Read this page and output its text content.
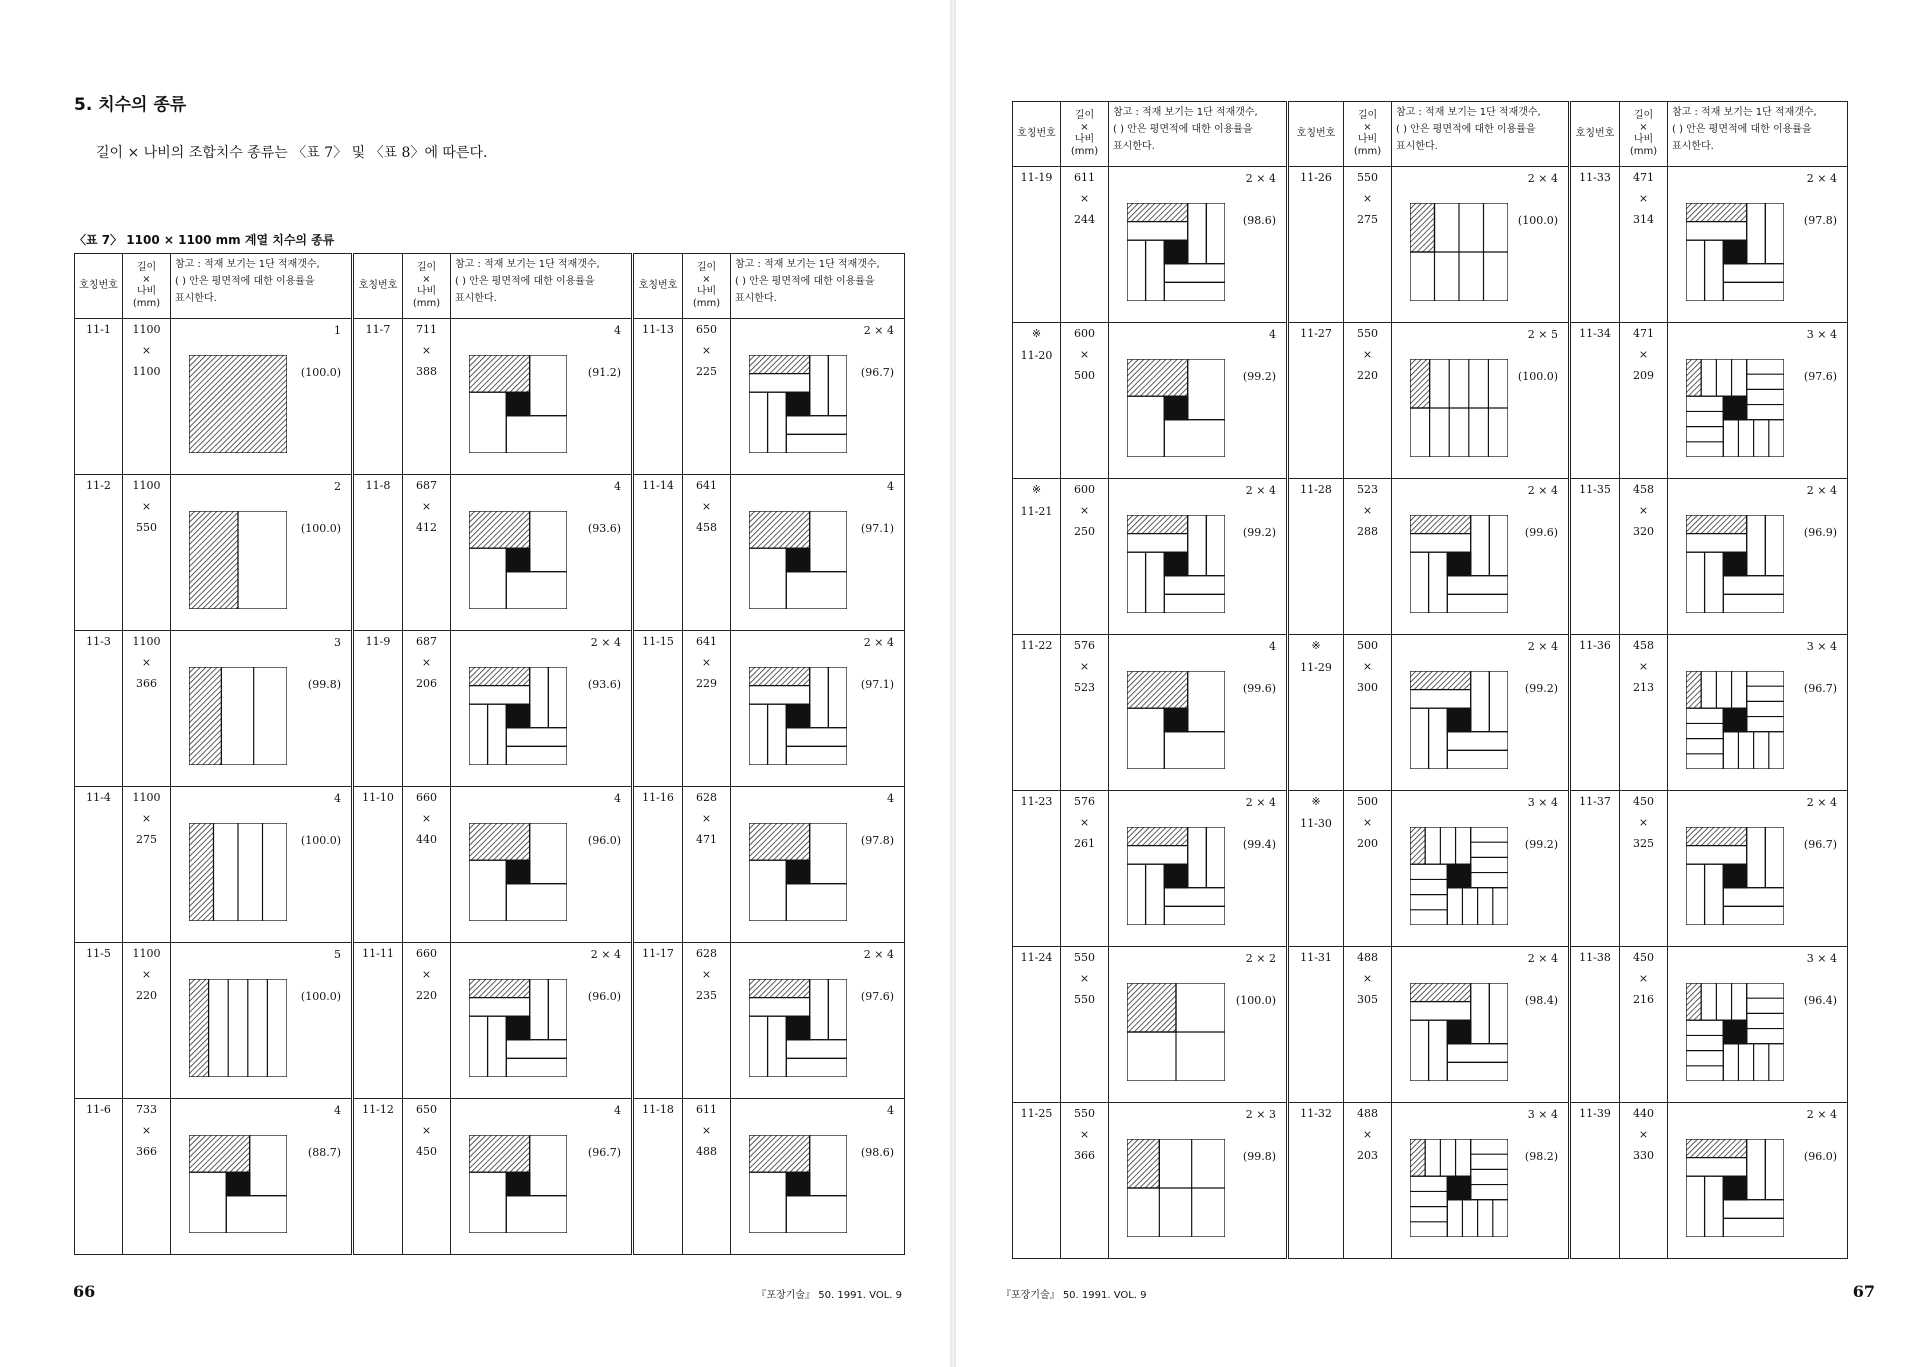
5. 치수의 종류

길이 × 나비의 조합치수 종류는 〈표 7〉 및 〈표 8〉에 따른다.

〈표 7〉 1100 × 1100 mm 계열 치수의 종류

호칭번호	길이
×
나비
(mm)	참고 : 적재 보기는 1단 적재갯수,
( ) 안은 평면적에 대한 이용률을
표시한다.	호칭번호	길이
×
나비
(mm)	참고 : 적재 보기는 1단 적재갯수,
( ) 안은 평면적에 대한 이용률을
표시한다.	호칭번호	길이
×
나비
(mm)	참고 : 적재 보기는 1단 적재갯수,
( ) 안은 평면적에 대한 이용률을
표시한다.

11-1	1100
×
1100	1
(100.0)	11-7	711
×
388	4
(91.2)	11-13	650
×
225	2 × 4
(96.7)

11-2	1100
×
550	2
(100.0)	11-8	687
×
412	4
(93.6)	11-14	641
×
458	4
(97.1)

11-3	1100
×
366	3
(99.8)	11-9	687
×
206	2 × 4
(93.6)	11-15	641
×
229	2 × 4
(97.1)

11-4	1100
×
275	4
(100.0)	11-10	660
×
440	4
(96.0)	11-16	628
×
471	4
(97.8)

11-5	1100
×
220	5
(100.0)	11-11	660
×
220	2 × 4
(96.0)	11-17	628
×
235	2 × 4
(97.6)

11-6	733
×
366	4
(88.7)	11-12	650
×
450	4
(96.7)	11-18	611
×
488	4
(98.6)
66	『포장기술』 50. 1991. VOL. 9
호칭번호	길이
×
나비
(mm)	참고 : 적재 보기는 1단 적재갯수,
( ) 안은 평면적에 대한 이용률을
표시한다.	호칭번호	길이
×
나비
(mm)	참고 : 적재 보기는 1단 적재갯수,
( ) 안은 평면적에 대한 이용률을
표시한다.	호칭번호	길이
×
나비
(mm)	참고 : 적재 보기는 1단 적재갯수,
( ) 안은 평면적에 대한 이용률을
표시한다.

11-19	611
×
244	2 × 4
(98.6)	11-26	550
×
275	2 × 4
(100.0)	11-33	471
×
314	2 × 4
(97.8)

※
11-20	600
×
500	4
(99.2)	11-27	550
×
220	2 × 5
(100.0)	11-34	471
×
209	3 × 4
(97.6)

※
11-21	600
×
250	2 × 4
(99.2)	11-28	523
×
288	2 × 4
(99.6)	11-35	458
×
320	2 × 4
(96.9)

11-22	576
×
523	4
(99.6)	※
11-29	500
×
300	2 × 4
(99.2)	11-36	458
×
213	3 × 4
(96.7)

11-23	576
×
261	2 × 4
(99.4)	※
11-30	500
×
200	3 × 4
(99.2)	11-37	450
×
325	2 × 4
(96.7)

11-24	550
×
550	2 × 2
(100.0)	11-31	488
×
305	2 × 4
(98.4)	11-38	450
×
216	3 × 4
(96.4)

11-25	550
×
366	2 × 3
(99.8)	11-32	488
×
203	3 × 4
(98.2)	11-39	440
×
330	2 × 4
(96.0)
67
『포장기술』 50. 1991. VOL. 9
